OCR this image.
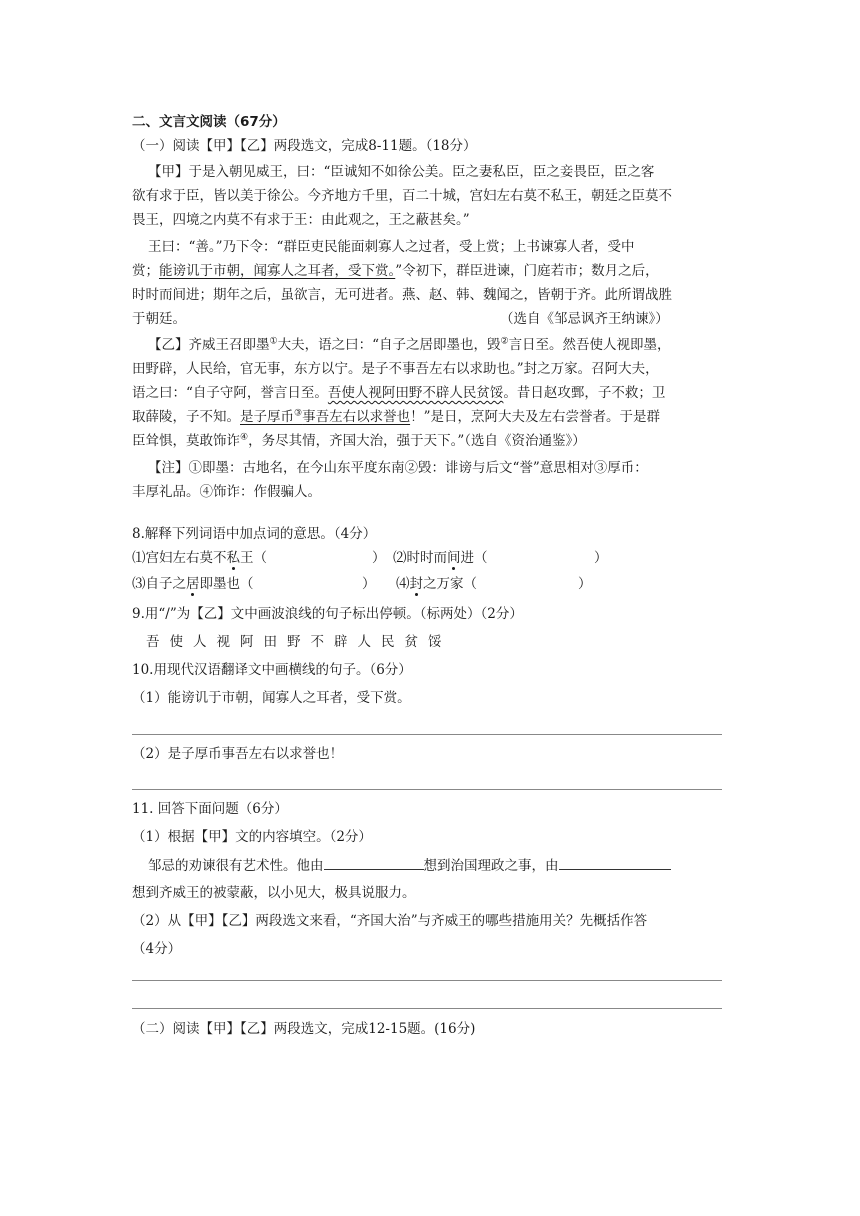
二、文言文阅读（67分）
（一）阅读【甲】【乙】两段选文，完成8-11题。（18分）
【甲】于是入朝见威王，曰：“臣诚知不如徐公美。臣之妻私臣，臣之妾畏臣，臣之客
欲有求于臣，皆以美于徐公。今齐地方千里，百二十城，宫妇左右莫不私王，朝廷之臣莫不
畏王，四境之内莫不有求于王：由此观之，王之蔽甚矣。”
王曰：“善。”乃下令：“群臣吏民能面刺寡人之过者，受上赏；上书谏寡人者，受中
赏；能谤讥于市朝，闻寡人之耳者，受下赏。”令初下，群臣进谏，门庭若市；数月之后，
时时而间进；期年之后，虽欲言，无可进者。燕、赵、韩、魏闻之，皆朝于齐。此所谓战胜
于朝廷。	（选自《邹忌讽齐王纳谏》）
【乙】齐威王召即墨①大夫，语之曰：“自子之居即墨也，毁②言日至。然吾使人视即墨，
田野辟，人民给，官无事，东方以宁。是子不事吾左右以求助也。”封之万家。召阿大夫，
语之曰：“自子守阿，誉言日至。吾使人视阿田野不辟人民贫馁。昔日赵攻鄄，子不救；卫
取薛陵，子不知。是子厚币③事吾左右以求誉也！”是日，烹阿大夫及左右尝誉者。于是群
臣耸惧，莫敢饰诈④，务尽其情，齐国大治，强于天下。”（选自《资治通鉴》）
【注】①即墨：古地名，在今山东平度东南②毁：诽谤与后文“誉”意思相对③厚币：
丰厚礼品。④饰诈：作假骗人。
8.解释下列词语中加点词的意思。（4分）
⑴宫妇左右莫不私王（	） ⑵时时而间进（	）
⑶自子之居即墨也（	） ⑷封之万家（	）
9.用“/”为【乙】文中画波浪线的句子标出停顿。（标两处）（2分）
吾使人视阿田野不辟人民贫馁
10.用现代汉语翻译文中画横线的句子。（6分）
（1）能谤讥于市朝，闻寡人之耳者，受下赏。
（2）是子厚币事吾左右以求誉也！
11. 回答下面问题（6分）
（1）根据【甲】文的内容填空。（2分）
邹忌的劝谏很有艺术性。他由	想到治国理政之事，由
想到齐威王的被蒙蔽，以小见大，极具说服力。
（2）从【甲】【乙】两段选文来看，“齐国大治”与齐威王的哪些措施用关？先概括作答
（4分）
（二）阅读【甲】【乙】两段选文，完成12-15题。(16分)
